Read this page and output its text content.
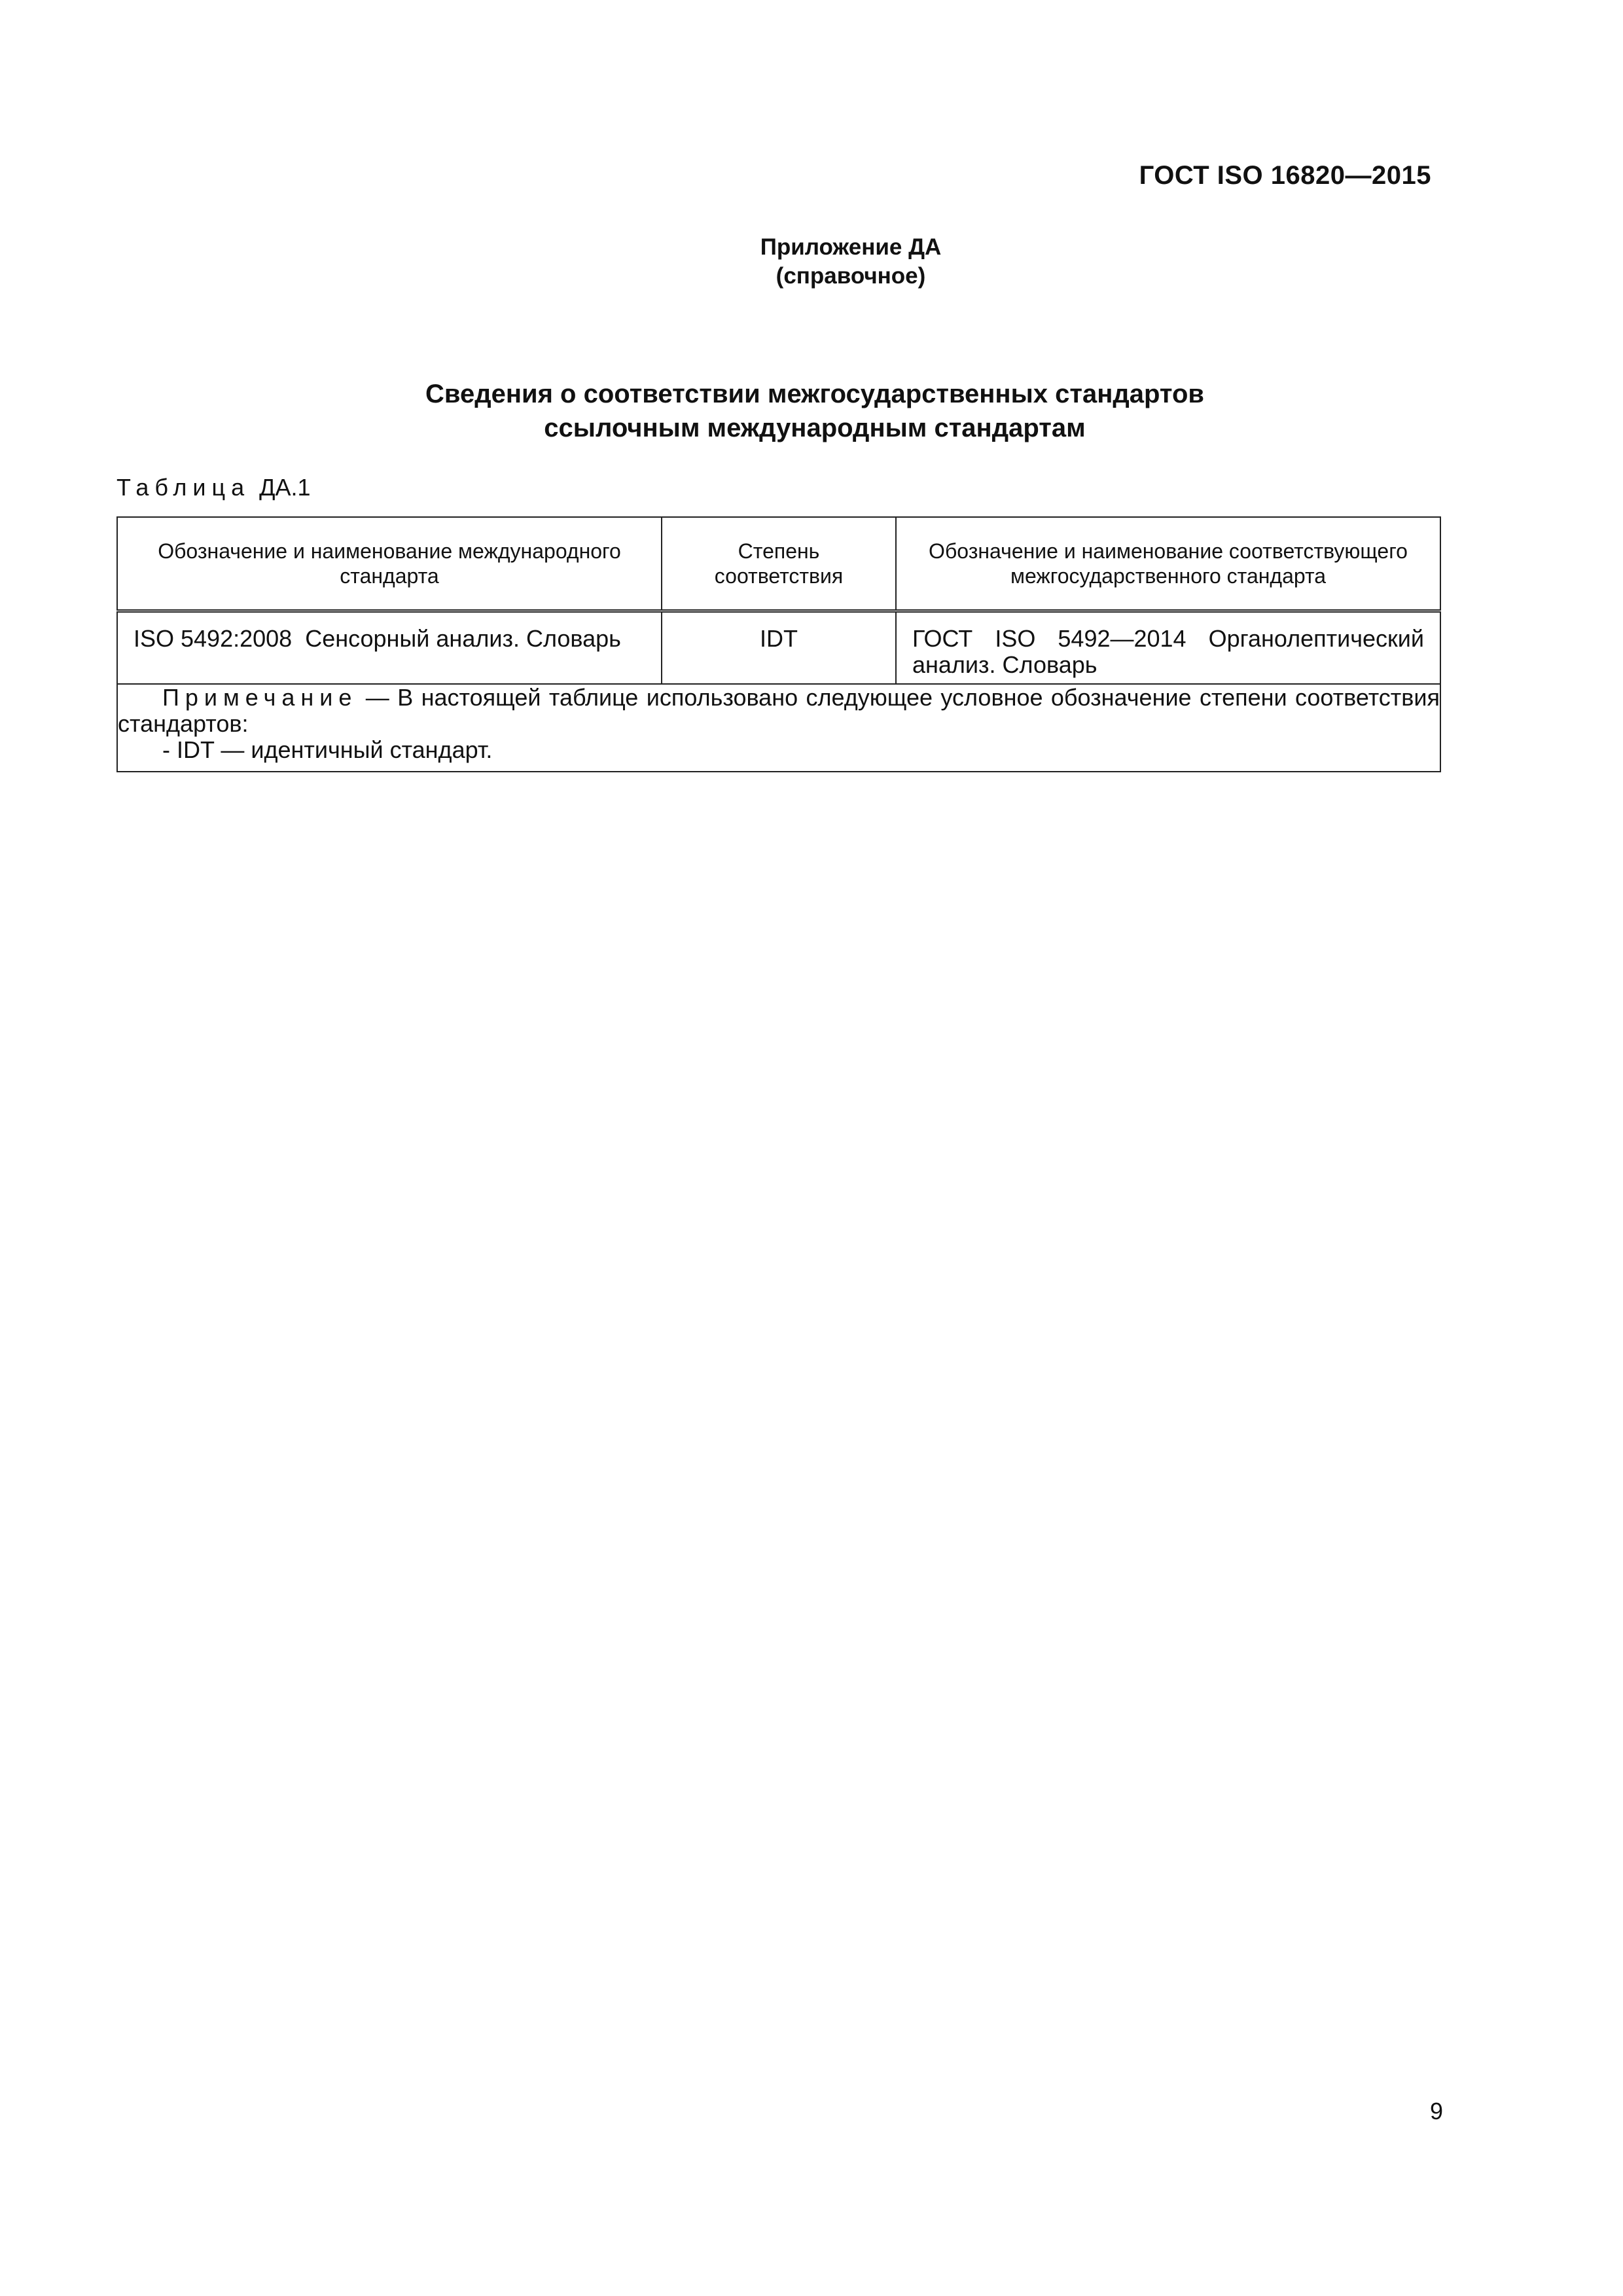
ГОСТ ISO 16820—2015
Приложение ДА
(справочное)
Сведения о соответствии межгосударственных стандартов
ссылочным международным стандартам
Таблица ДА.1
Обозначение и наименование международного стандарта	Степень соответствия	Обозначение и наименование соответствующего межгосударственного стандарта
ISO 5492:2008  Сенсорный анализ. Словарь	IDT	ГОСТ ISO 5492—2014 Органолептический анализ. Словарь

Примечание — В настоящей таблице использовано следующее условное обозначение степени соответствия стандартов:
- IDT — идентичный стандарт.		
9
